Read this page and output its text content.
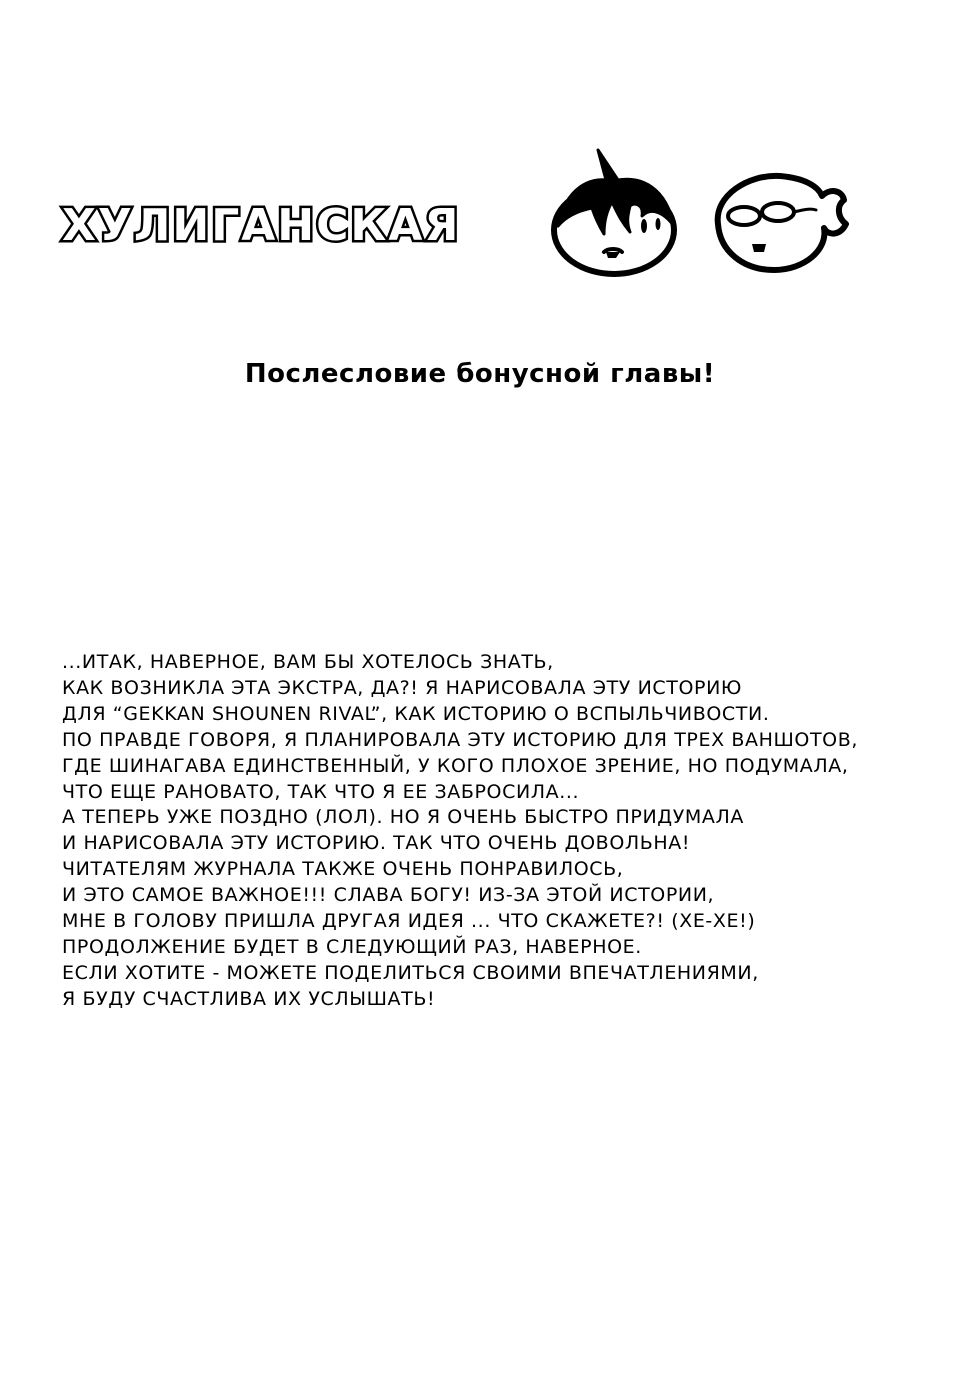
ХУЛИГАНСКАЯ
Послесловие бонусной главы!
...ИТАК, НАВЕРНОЕ, ВАМ БЫ ХОТЕЛОСЬ ЗНАТЬ,
КАК ВОЗНИКЛА ЭТА ЭКСТРА, ДА?! Я НАРИСОВАЛА ЭТУ ИСТОРИЮ
ДЛЯ “GEKKAN SHOUNEN RIVAL”, КАК ИСТОРИЮ О ВСПЫЛЬЧИВОСТИ.
ПО ПРАВДЕ ГОВОРЯ, Я ПЛАНИРОВАЛА ЭТУ ИСТОРИЮ ДЛЯ ТРЕХ ВАНШОТОВ,
ГДЕ ШИНАГАВА ЕДИНСТВЕННЫЙ, У КОГО ПЛОХОЕ ЗРЕНИЕ, НО ПОДУМАЛА,
ЧТО ЕЩЕ РАНОВАТО, ТАК ЧТО Я ЕЕ ЗАБРОСИЛА...
А ТЕПЕРЬ УЖЕ ПОЗДНО (ЛОЛ). НО Я ОЧЕНЬ БЫСТРО ПРИДУМАЛА
И НАРИСОВАЛА ЭТУ ИСТОРИЮ. ТАК ЧТО ОЧЕНЬ ДОВОЛЬНА!
ЧИТАТЕЛЯМ ЖУРНАЛА ТАКЖЕ ОЧЕНЬ ПОНРАВИЛОСЬ,
И ЭТО САМОЕ ВАЖНОЕ!!! СЛАВА БОГУ! ИЗ-ЗА ЭТОЙ ИСТОРИИ,
МНЕ В ГОЛОВУ ПРИШЛА ДРУГАЯ ИДЕЯ ... ЧТО СКАЖЕТЕ?! (ХЕ-ХЕ!)
ПРОДОЛЖЕНИЕ БУДЕТ В СЛЕДУЮЩИЙ РАЗ, НАВЕРНОЕ.
ЕСЛИ ХОТИТЕ - МОЖЕТЕ ПОДЕЛИТЬСЯ СВОИМИ ВПЕЧАТЛЕНИЯМИ,
Я БУДУ СЧАСТЛИВА ИХ УСЛЫШАТЬ!
